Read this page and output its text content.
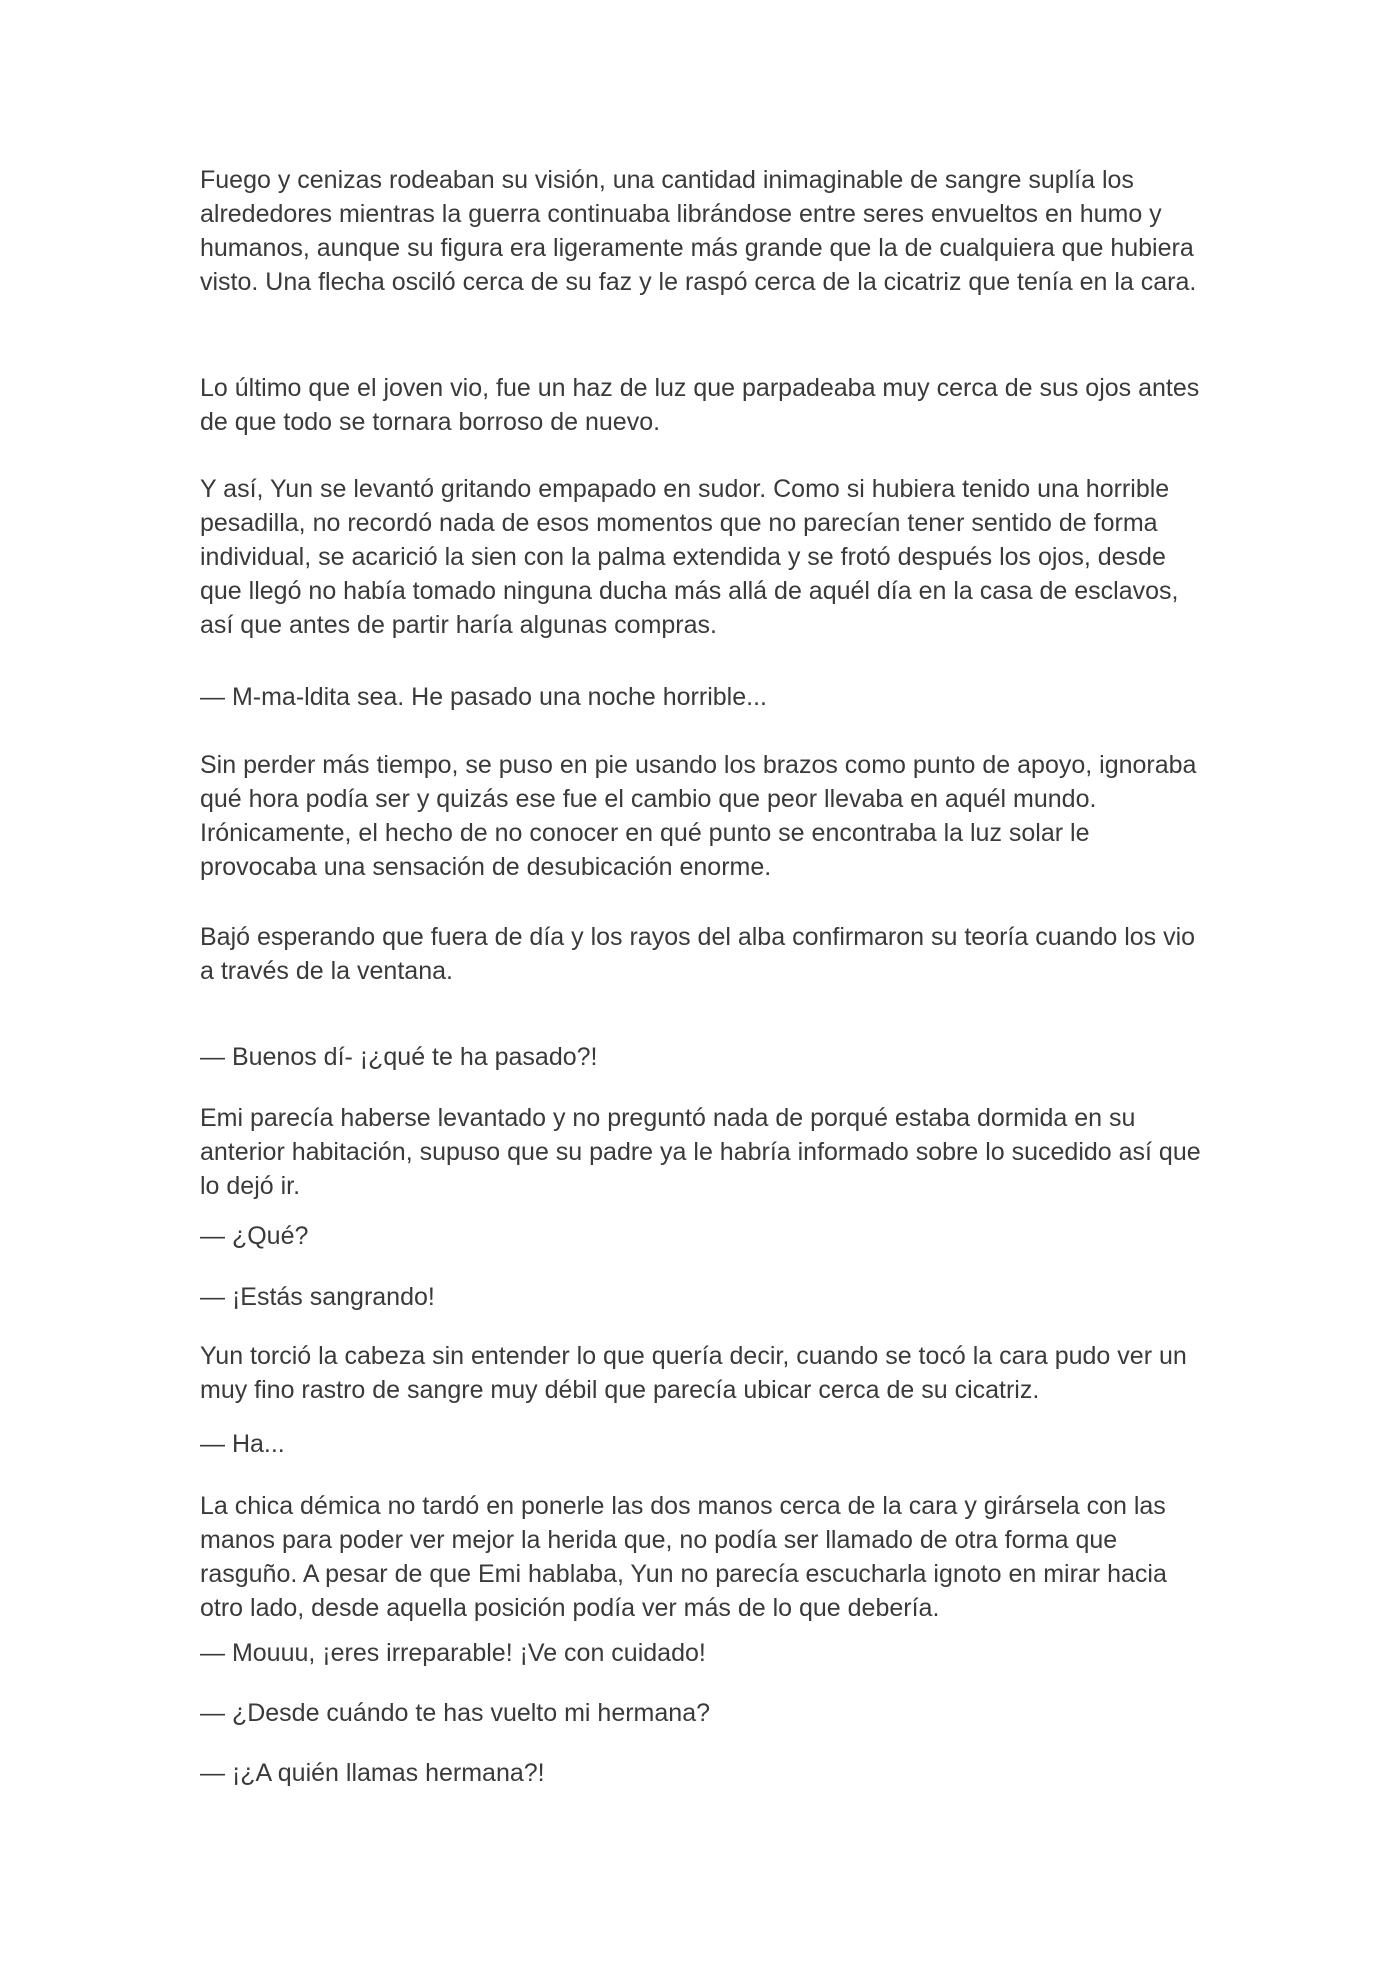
Fuego y cenizas rodeaban su visión, una cantidad inimaginable de sangre suplía los alrededores mientras la guerra continuaba librándose entre seres envueltos en humo y humanos, aunque su figura era ligeramente más grande que la de cualquiera que hubiera visto. Una flecha osciló cerca de su faz y le raspó cerca de la cicatriz que tenía en la cara.

Lo último que el joven vio, fue un haz de luz que parpadeaba muy cerca de sus ojos antes de que todo se tornara borroso de nuevo.

Y así, Yun se levantó gritando empapado en sudor. Como si hubiera tenido una horrible pesadilla, no recordó nada de esos momentos que no parecían tener sentido de forma individual, se acarició la sien con la palma extendida y se frotó después los ojos, desde que llegó no había tomado ninguna ducha más allá de aquél día en la casa de esclavos, así que antes de partir haría algunas compras.

— M-ma-ldita sea. He pasado una noche horrible...

Sin perder más tiempo, se puso en pie usando los brazos como punto de apoyo, ignoraba qué hora podía ser y quizás ese fue el cambio que peor llevaba en aquél mundo. Irónicamente, el hecho de no conocer en qué punto se encontraba la luz solar le provocaba una sensación de desubicación enorme.

Bajó esperando que fuera de día y los rayos del alba confirmaron su teoría cuando los vio a través de la ventana.

— Buenos dí- ¡¿qué te ha pasado?!

Emi parecía haberse levantado y no preguntó nada de porqué estaba dormida en su anterior habitación, supuso que su padre ya le habría informado sobre lo sucedido así que lo dejó ir.

— ¿Qué?

— ¡Estás sangrando!

Yun torció la cabeza sin entender lo que quería decir, cuando se tocó la cara pudo ver un muy fino rastro de sangre muy débil que parecía ubicar cerca de su cicatriz.

— Ha...

La chica démica no tardó en ponerle las dos manos cerca de la cara y girársela con las manos para poder ver mejor la herida que, no podía ser llamado de otra forma que rasguño. A pesar de que Emi hablaba, Yun no parecía escucharla ignoto en mirar hacia otro lado, desde aquella posición podía ver más de lo que debería.

— Mouuu, ¡eres irreparable! ¡Ve con cuidado!

— ¿Desde cuándo te has vuelto mi hermana?

— ¡¿A quién llamas hermana?!
